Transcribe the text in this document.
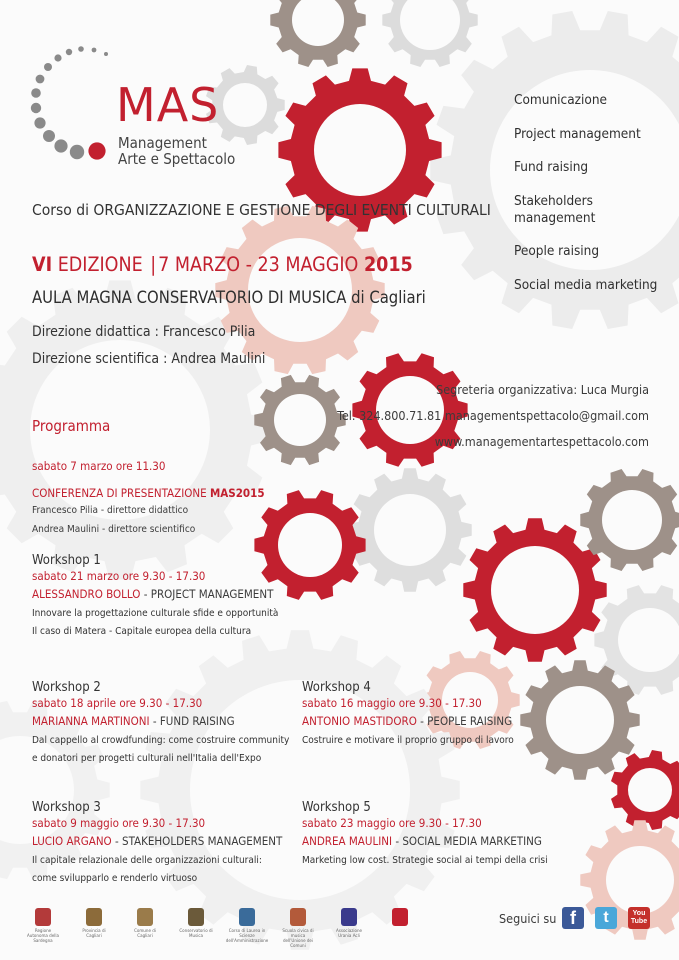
MAS
Management
Arte e Spettacolo
Corso di ORGANIZZAZIONE E GESTIONE DEGLI EVENTI CULTURALI
VI EDIZIONE | 7 MARZO - 23 MAGGIO 2015
AULA MAGNA CONSERVATORIO DI MUSICA di Cagliari
Direzione didattica : Francesco Pilia
Direzione scientifica : Andrea Maulini
Comunicazione
Project management
Fund raising
Stakeholders management
People raising
Social media marketing
Segreteria organizzativa: Luca Murgia
Tel. 324.800.71.81 managementspettacolo@gmail.com
www.managementartespettacolo.com
Programma
sabato 7 marzo ore 11.30
CONFERENZA DI PRESENTAZIONE MAS2015
Francesco Pilia - direttore didattico
Andrea Maulini - direttore scientifico
Workshop 1
sabato 21 marzo ore 9.30 - 17.30
ALESSANDRO BOLLO - PROJECT MANAGEMENT
Innovare la progettazione culturale sfide e opportunità
Il caso di Matera - Capitale europea della cultura
Workshop 2
sabato 18 aprile ore 9.30 - 17.30
MARIANNA MARTINONI - FUND RAISING
Dal cappello al crowdfunding: come costruire community
e donatori per progetti culturali nell'Italia dell'Expo
Workshop 3
sabato 9 maggio ore 9.30 - 17.30
LUCIO ARGANO - STAKEHOLDERS MANAGEMENT
Il capitale relazionale delle organizzazioni culturali:
come svilupparlo e renderlo virtuoso
Workshop 4
sabato 16 maggio ore 9.30 - 17.30
ANTONIO MASTIDORO - PEOPLE RAISING
Costruire e motivare il proprio gruppo di lavoro
Workshop 5
sabato 23 maggio ore 9.30 - 17.30
ANDREA MAULINI - SOCIAL MEDIA MARKETING
Marketing low cost. Strategie social ai tempi della crisi
Regione Autonoma della Sardegna
Provincia di Cagliari
Comune di Cagliari
Conservatorio di Musica
Corso di Laurea in Scienze dell'Amministrazione
Scuola civica di musica dell'Unione dei Comuni
Associazione Urania Acli
Seguici su f t	You
Tube
